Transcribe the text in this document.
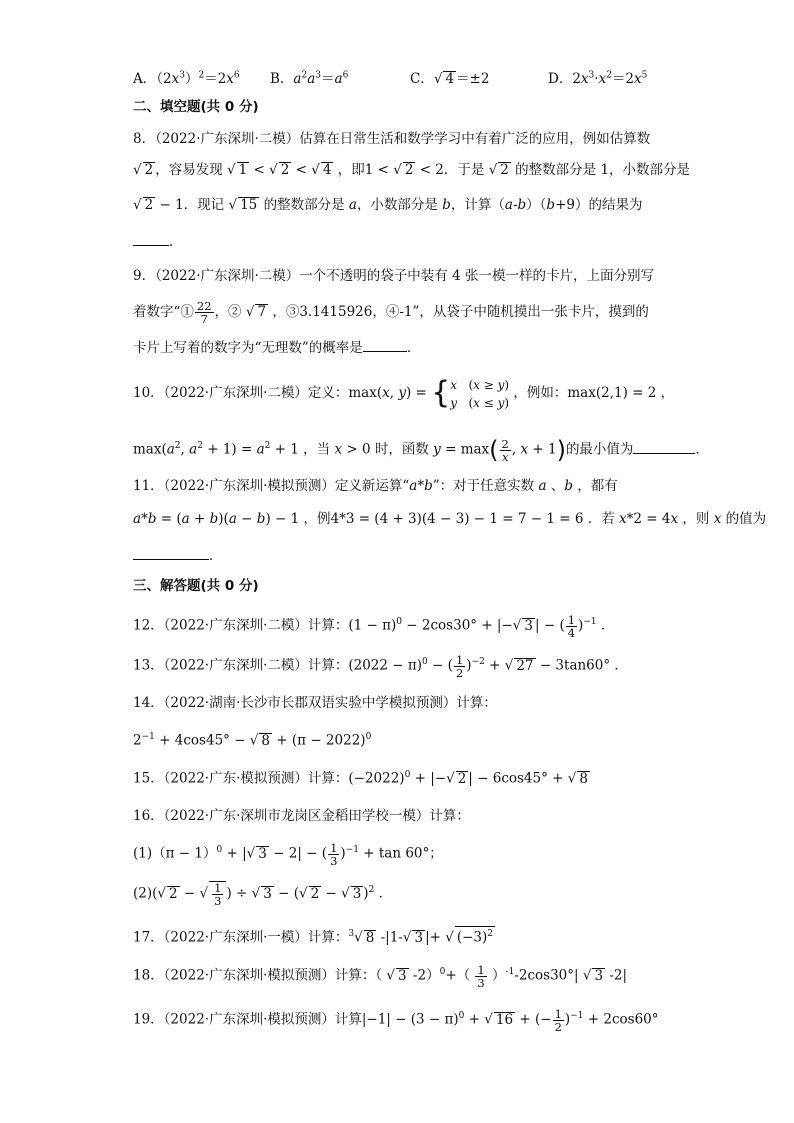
A．$(2x^3)^2=2x^6$ B．$a^2a^3=a^6$	C．√ 4 ＝±2	D．$2x^3\cdot x^2=2x^5$
二、填空题(共 0 分)
8．（2022·广东深圳·二模）估算在日常生活和数学学习中有着广泛的应用，例如估算数
√ 2 ，容易发现 √ 1 < √ 2 < √ 4 ，即1 < √ 2 < 2．于是 √ 2 的整数部分是 1，小数部分是
√ 2 − 1．现记 √ 15 的整数部分是 a，小数部分是 b，计算（a-b）（b+9）的结果为
．
9．（2022·广东深圳·二模）一个不透明的袋子中装有 4 张一模一样的卡片，上面分别写
着数字“① $\frac{22}{7}$ ，② √ 7 ，③3.1415926，④-1”，从袋子中随机摸出一张卡片，摸到的
卡片上写着的数字为“无理数”的概率是	．
10．（2022·广东深圳·二模）定义：max(x, y) = { x   (x ≥ y)
y   (x ≤ y)
，例如：max(2,1) = 2 ，
$\max(a^2$, $a^2 + 1) = a^2 + 1$ ，当 x > 0 时，函数 $y = \max( \frac{2}{x}$ , x + 1)的最小值为	．
11．（2022·广东深圳·模拟预测）定义新运算“a*b”：对于任意实数 a 、b ，都有
a*b = (a + b)(a − b) − 1 ，例4*3 = (4 + 3)(4 − 3) − 1 = 7 − 1 = 6 ．若 x*2 = 4x ，则 x 的值为
．
三、解答题(共 0 分)
12．（2022·广东深圳·二模）计算：$(1 - \pi)^0 - 2\cos 30^\circ$ + |−√ 3 | − ( $\frac{1}{4} )^{-1}$ ．
13．（2022·广东深圳·二模）计算：$(2022 - \pi)^0$ − ( $\frac{1}{2} )^{-2}$ + √ 27 − 3tan60° ．
14．（2022·湖南·长沙市长郡双语实验中学模拟预测）计算：
$2^{-1} + 4\cos 45^\circ$ − √ $8 + (\pi - 2022)^0$
15．（2022·广东·模拟预测）计算：$(-2022)^0$ + |−√ 2 | − 6cos45° + √ 8
16．（2022·广东·深圳市龙岗区金稻田学校一模）计算：
$(1)(\pi - 1)^0$ + |√ 3 − 2| − ( $\frac{1}{3} )^{-1} + \tan 60^\circ$；
(2)(√ 2 − √ $\frac{1}{3}$ ) ÷ √ 3 − (√ 2 − √ 3 )$^2$ ．
17．（2022·广东深圳·一模）计算：$^3$√ 8 -|1-√ 3 |+ √ $(-3)^2$
18．（2022·广东深圳·模拟预测）计算：（ √ 3 $-2)^0+( \frac{1}{3} )^{-1}-2\cos 30^\circ|$ √ 3 -2|
19．（2022·广东深圳·模拟预测）计算$|-1| - (3 - \pi)^0$ + √ 16 + (− $\frac{1}{2} )^{-1} + 2\cos 60^\circ$
